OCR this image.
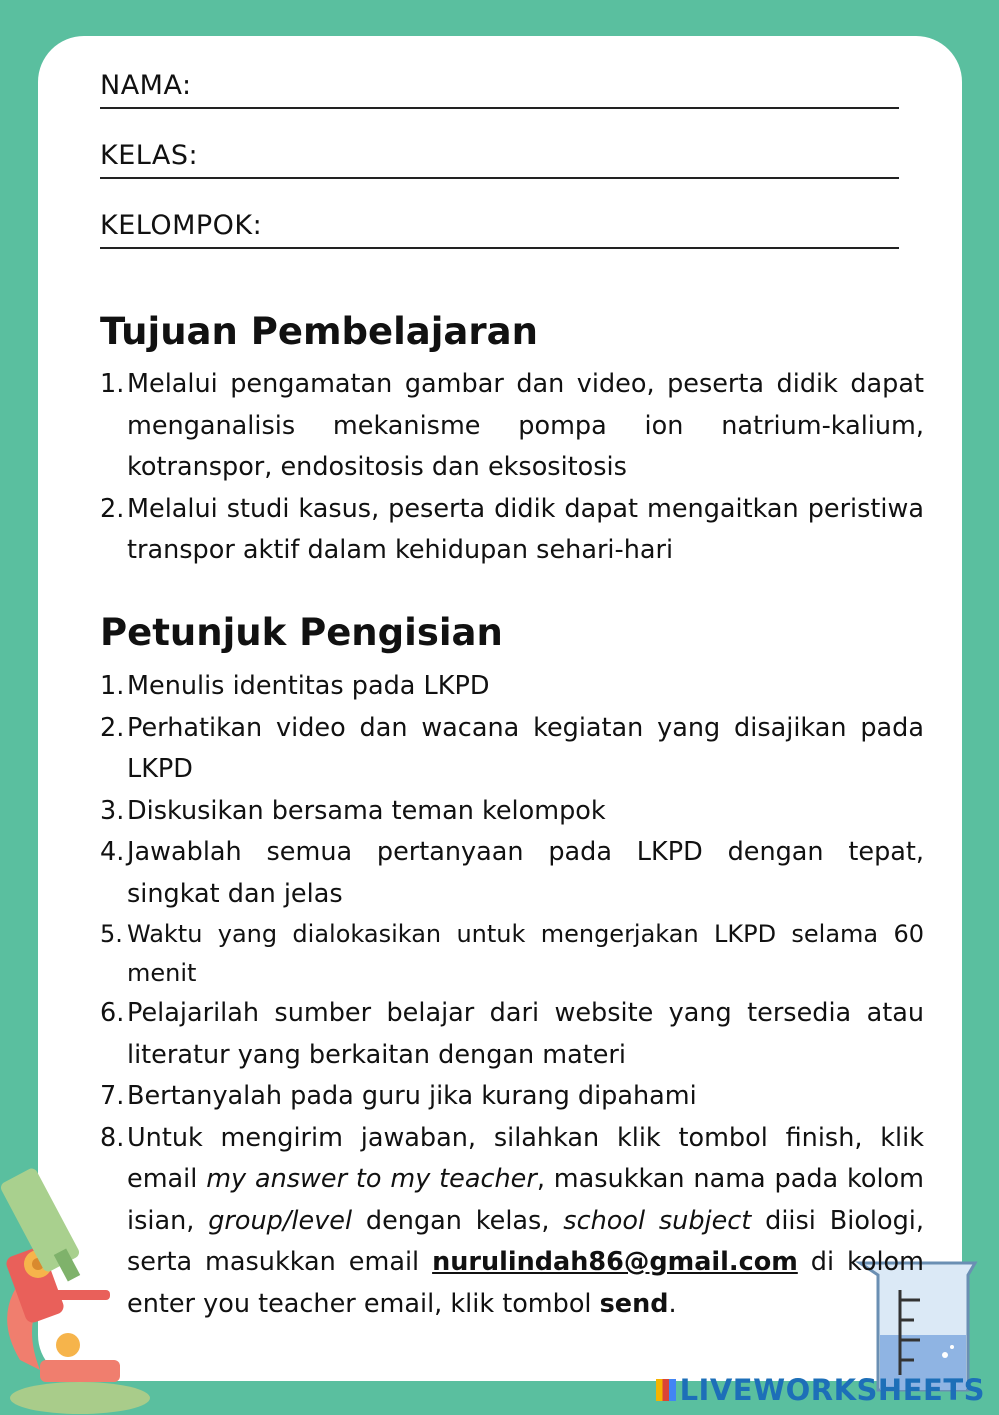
NAMA:
KELAS:
KELOMPOK:
Tujuan Pembelajaran
1. Melalui pengamatan gambar dan video, peserta didik dapat menganalisis mekanisme pompa ion natrium-kalium, kotranspor, endositosis dan eksositosis
2. Melalui studi kasus, peserta didik dapat mengaitkan peristiwa transpor aktif dalam kehidupan sehari-hari
Petunjuk Pengisian
1. Menulis identitas pada LKPD
2. Perhatikan video dan wacana kegiatan yang disajikan pada LKPD
3. Diskusikan bersama teman kelompok
4. Jawablah semua pertanyaan pada LKPD dengan tepat, singkat dan jelas
5. Waktu yang dialokasikan untuk mengerjakan LKPD selama 60 menit
6. Pelajarilah sumber belajar dari website yang tersedia atau literatur yang berkaitan dengan materi
7. Bertanyalah pada guru jika kurang dipahami
8. Untuk mengirim jawaban, silahkan klik tombol finish, klik email my answer to my teacher, masukkan nama pada kolom isian, group/level dengan kelas, school subject diisi Biologi, serta masukkan email nurulindah86@gmail.com di kolom enter you teacher email, klik tombol send.
LIVEWORKSHEETS
